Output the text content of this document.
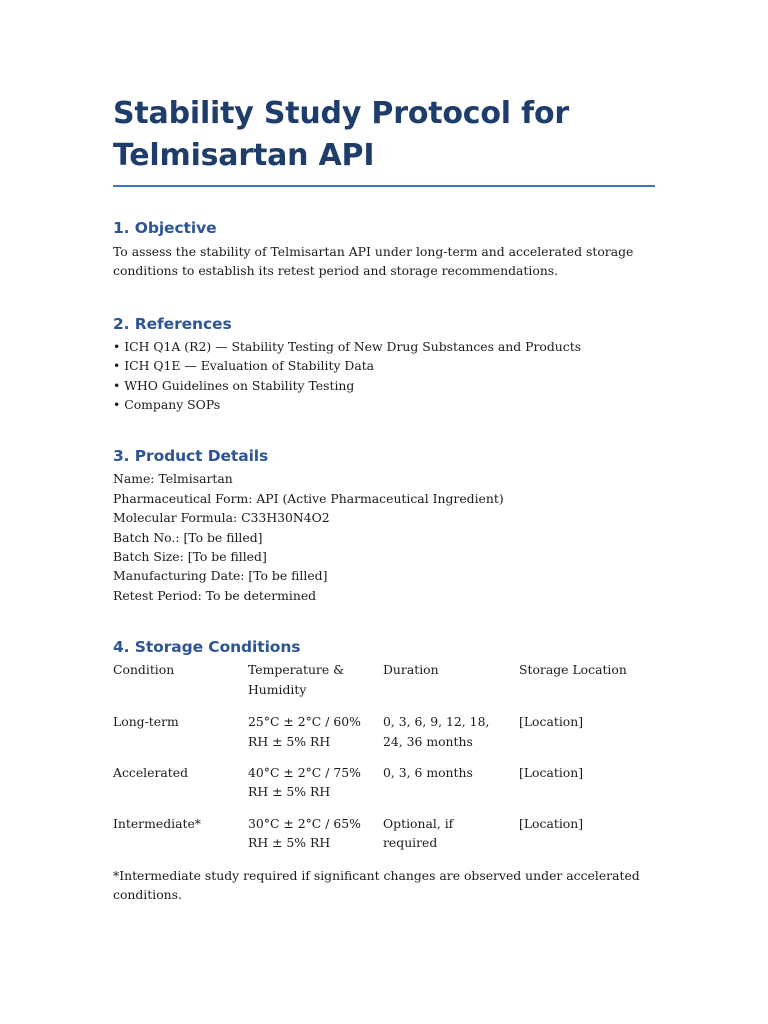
Stability Study Protocol for Telmisartan API
1. Objective

To assess the stability of Telmisartan API under long-term and accelerated storage conditions to establish its retest period and storage recommendations.

2. References
• ICH Q1A (R2) — Stability Testing of New Drug Substances and Products
• ICH Q1E — Evaluation of Stability Data
• WHO Guidelines on Stability Testing
• Company SOPs
3. Product Details
Name: Telmisartan
Pharmaceutical Form: API (Active Pharmaceutical Ingredient)
Molecular Formula: C33H30N4O2
Batch No.: [To be filled]
Batch Size: [To be filled]
Manufacturing Date: [To be filled]
Retest Period: To be determined
4. Storage Conditions
Condition	Temperature & Humidity	Duration	Storage Location
Long-term	25°C ± 2°C / 60% RH ± 5% RH	0, 3, 6, 9, 12, 18, 24, 36 months	[Location]
Accelerated	40°C ± 2°C / 75% RH ± 5% RH	0, 3, 6 months	[Location]
Intermediate*	30°C ± 2°C / 65% RH ± 5% RH	Optional, if required	[Location]

*Intermediate study required if significant changes are observed under accelerated conditions.
